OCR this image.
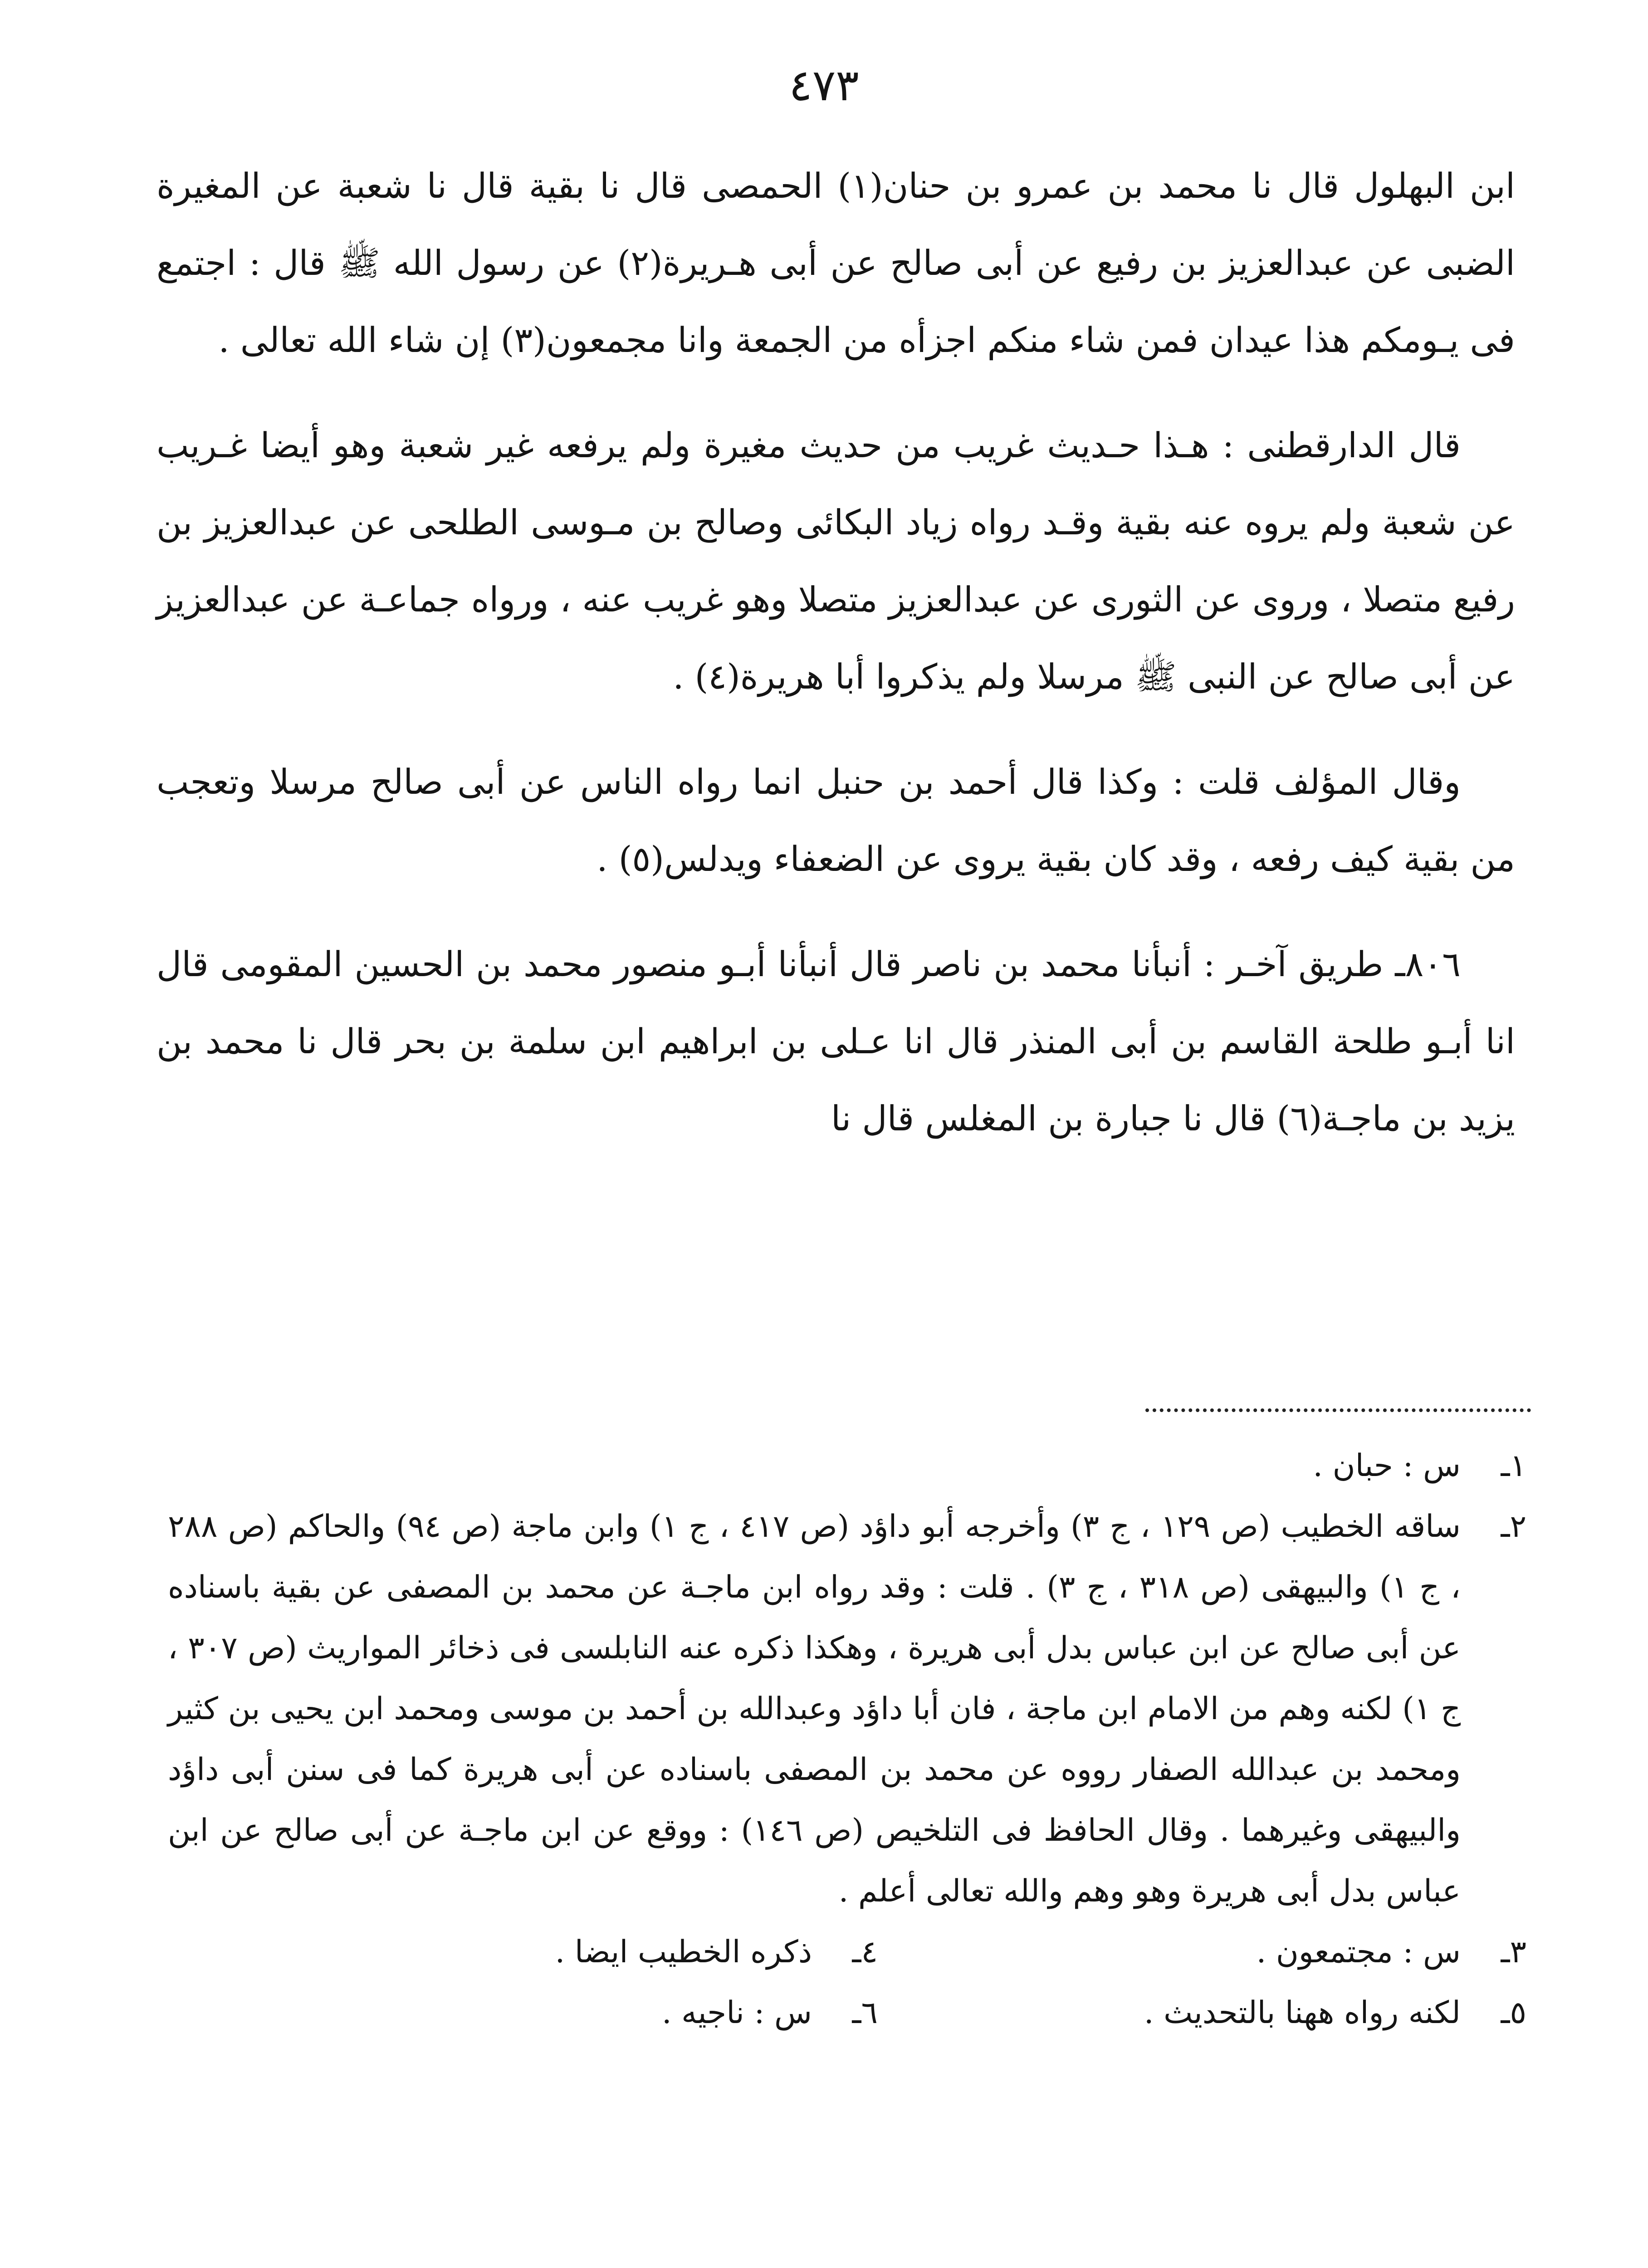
٤٧٣

ابن البهلول قال نا محمد بن عمرو بن حنان(١) الحمصى قال نا بقية قال نا شعبة عن المغيرة الضبى عن عبدالعزيز بن رفيع عن أبى صالح عن أبى هـريرة(٢) عن رسول الله ﷺ قال : اجتمع فى يـومكم هذا عيدان فمن شاء منكم اجزأه من الجمعة وانا مجمعون(٣) إن شاء الله تعالى .

قال الدارقطنى : هـذا حـديث غريب من حديث مغيرة ولم يرفعه غير شعبة وهو أيضا غـريب عن شعبة ولم يروه عنه بقية وقـد رواه زياد البكائى وصالح بن مـوسى الطلحى عن عبدالعزيز بن رفيع متصلا ، وروى عن الثورى عن عبدالعزيز متصلا وهو غريب عنه ، ورواه جماعـة عن عبدالعزيز عن أبى صالح عن النبى ﷺ مرسلا ولم يذكروا أبا هريرة(٤) .

وقال المؤلف قلت : وكذا قال أحمد بن حنبل انما رواه الناس عن أبى صالح مرسلا وتعجب من بقية كيف رفعه ، وقد كان بقية يروى عن الضعفاء ويدلس(٥) .

٨٠٦ـ طريق آخـر : أنبأنا محمد بن ناصر قال أنبأنا أبـو منصور محمد بن الحسين المقومى قال انا أبـو طلحة القاسم بن أبى المنذر قال انا عـلى بن ابراهيم ابن سلمة بن بحر قال نا محمد بن يزيد بن ماجـة(٦) قال نا جبارة بن المغلس قال نا

١ـ
س : حبان .
٢ـ
ساقه الخطيب (ص ١٢٩ ، ج ٣) وأخرجه أبو داؤد (ص ٤١٧ ، ج ١) وابن ماجة (ص ٩٤) والحاكم (ص ٢٨٨ ، ج ١) والبيهقى (ص ٣١٨ ، ج ٣) . قلت : وقد رواه ابن ماجـة عن محمد بن المصفى عن بقية باسناده عن أبى صالح عن ابن عباس بدل أبى هريرة ، وهكذا ذكره عنه النابلسى فى ذخائر المواريث (ص ٣٠٧ ، ج ١) لكنه وهم من الامام ابن ماجة ، فان أبا داؤد وعبدالله بن أحمد بن موسى ومحمد ابن يحيى بن كثير ومحمد بن عبدالله الصفار رووه عن محمد بن المصفى باسناده عن أبى هريرة كما فى سنن أبى داؤد والبيهقى وغيرهما . وقال الحافظ فى التلخيص (ص ١٤٦) : ووقع عن ابن ماجـة عن أبى صالح عن ابن عباس بدل أبى هريرة وهو وهم والله تعالى أعلم .
٣ـ
س : مجتمعون .
٤ـ
ذكره الخطيب ايضا .
٥ـ
لكنه رواه ههنا بالتحديث .
٦ـ
س : ناجيه .
